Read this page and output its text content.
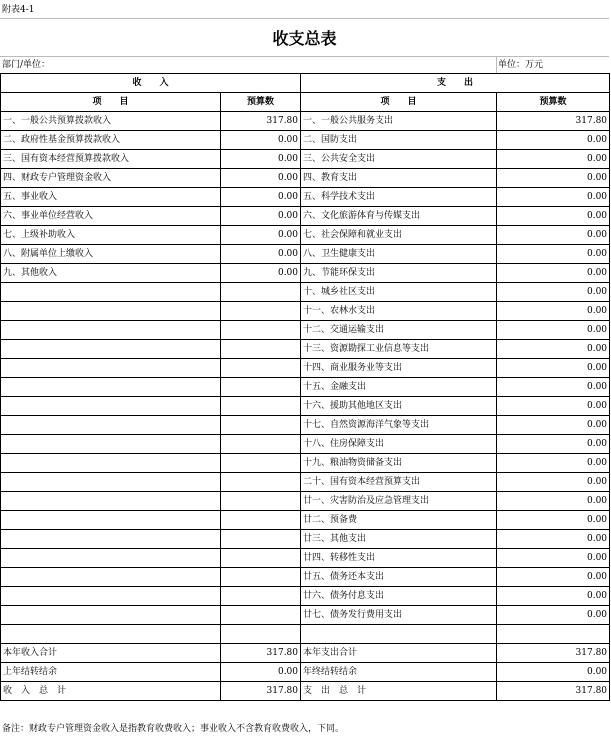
附表4-1
收支总表
部门/单位：	单位：万元
收　　入		支　　出	
项　　目	预算数	项　　目	预算数
一、一般公共预算拨款收入	317.80	一、一般公共服务支出	317.80
二、政府性基金预算拨款收入	0.00	二、国防支出	0.00
三、国有资本经营预算拨款收入	0.00	三、公共安全支出	0.00
四、财政专户管理资金收入	0.00	四、教育支出	0.00
五、事业收入	0.00	五、科学技术支出	0.00
六、事业单位经营收入	0.00	六、文化旅游体育与传媒支出	0.00
七、上级补助收入	0.00	七、社会保障和就业支出	0.00
八、附属单位上缴收入	0.00	八、卫生健康支出	0.00
九、其他收入	0.00	九、节能环保支出	0.00
		十、城乡社区支出	0.00
		十一、农林水支出	0.00
		十二、交通运输支出	0.00
		十三、资源勘探工业信息等支出	0.00
		十四、商业服务业等支出	0.00
		十五、金融支出	0.00
		十六、援助其他地区支出	0.00
		十七、自然资源海洋气象等支出	0.00
		十八、住房保障支出	0.00
		十九、粮油物资储备支出	0.00
		二十、国有资本经营预算支出	0.00
		廿一、灾害防治及应急管理支出	0.00
		廿二、预备费	0.00
		廿三、其他支出	0.00
		廿四、转移性支出	0.00
		廿五、债务还本支出	0.00
		廿六、债务付息支出	0.00
		廿七、债务发行费用支出	0.00

本年收入合计	317.80	本年支出合计	317.80
上年结转结余	0.00	年终结转结余	0.00
收　入　总　计	317.80	支　出　总　计	317.80
备注：财政专户管理资金收入是指教育收费收入；事业收入不含教育收费收入，下同。
